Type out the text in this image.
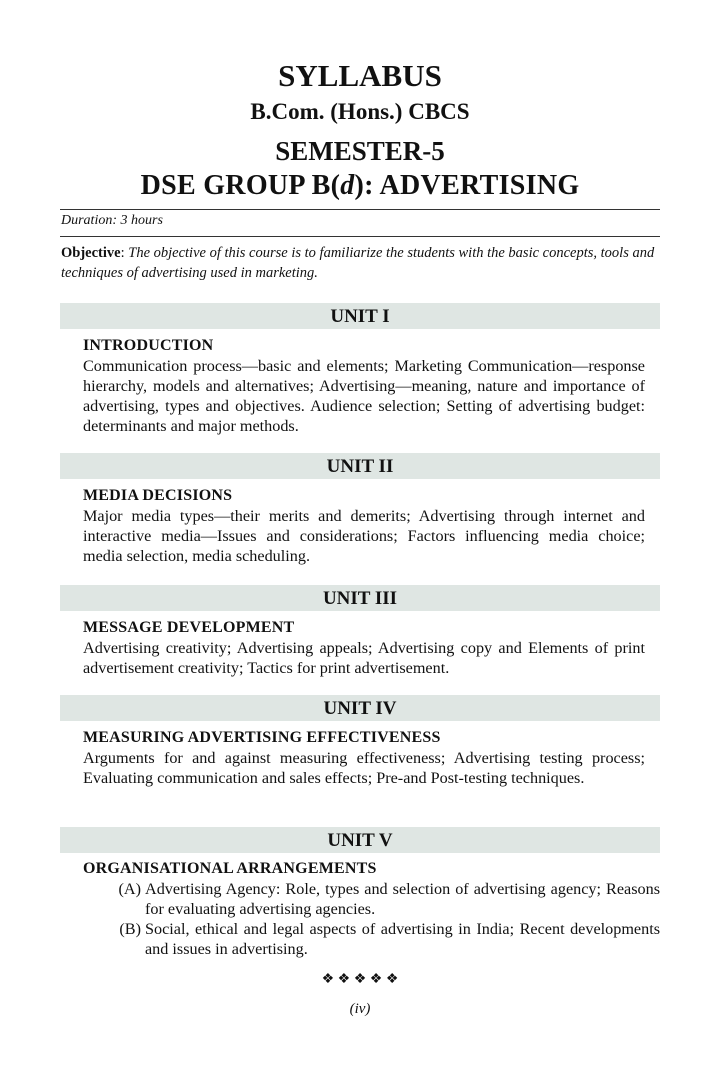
SYLLABUS
B.Com. (Hons.) CBCS
SEMESTER-5
DSE GROUP B(d): ADVERTISING
Duration: 3 hours
Objective: The objective of this course is to familiarize the students with the basic concepts, tools and techniques of advertising used in marketing.
UNIT I
INTRODUCTION

Communication process—basic and elements; Marketing Communication—response hierarchy, models and alternatives; Advertising—meaning, nature and importance of advertising, types and objectives. Audience selection; Setting of advertising budget: determinants and major methods.

UNIT II
MEDIA DECISIONS

Major media types—their merits and demerits; Advertising through internet and interactive media—Issues and considerations; Factors influencing media choice; media selection, media scheduling.

UNIT III
MESSAGE DEVELOPMENT

Advertising creativity; Advertising appeals; Advertising copy and Elements of print advertisement creativity; Tactics for print advertisement.

UNIT IV
MEASURING ADVERTISING EFFECTIVENESS

Arguments for and against measuring effectiveness; Advertising testing process; Evaluating communication and sales effects; Pre-and Post-testing techniques.

UNIT V
ORGANISATIONAL ARRANGEMENTS
(A) Advertising Agency: Role, types and selection of advertising agency; Reasons for evaluating advertising agencies.
(B) Social, ethical and legal aspects of advertising in India; Recent developments and issues in advertising.
❖ ❖ ❖ ❖ ❖
(iv)
